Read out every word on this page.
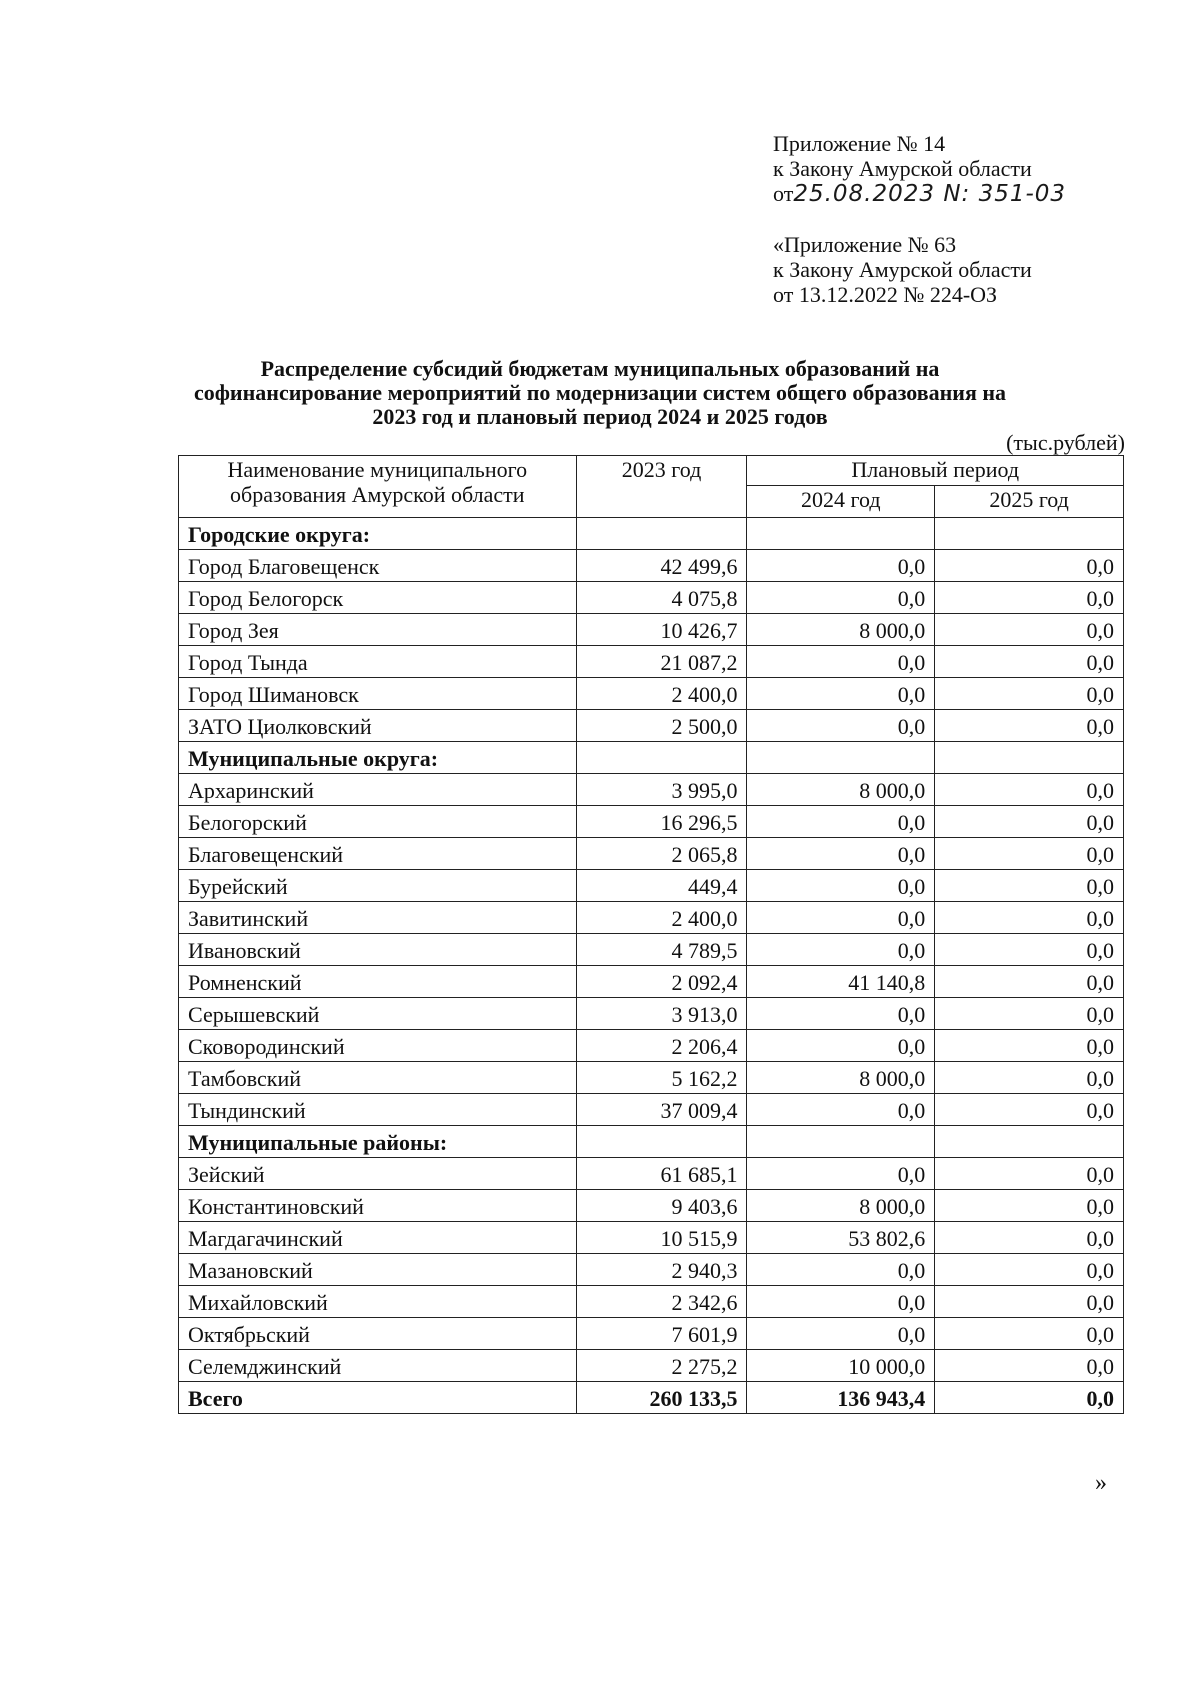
Приложение № 14
к Закону Амурской области
от25.08.2023 N: 351-03
«Приложение № 63
к Закону Амурской области
от 13.12.2022 № 224-ОЗ
Распределение субсидий бюджетам муниципальных образований на
софинансирование мероприятий по модернизации систем общего образования на
2023 год и плановый период 2024 и 2025 годов
(тыс.рублей)
Наименование муниципального
образования Амурской области	2023 год	Плановый период	
		2024 год	2025 год
Городские округа:			
Город Благовещенск	42 499,6	0,0	0,0
Город Белогорск	4 075,8	0,0	0,0
Город Зея	10 426,7	8 000,0	0,0
Город Тында	21 087,2	0,0	0,0
Город Шимановск	2 400,0	0,0	0,0
ЗАТО Циолковский	2 500,0	0,0	0,0
Муниципальные округа:			
Архаринский	3 995,0	8 000,0	0,0
Белогорский	16 296,5	0,0	0,0
Благовещенский	2 065,8	0,0	0,0
Бурейский	449,4	0,0	0,0
Завитинский	2 400,0	0,0	0,0
Ивановский	4 789,5	0,0	0,0
Ромненский	2 092,4	41 140,8	0,0
Серышевский	3 913,0	0,0	0,0
Сковородинский	2 206,4	0,0	0,0
Тамбовский	5 162,2	8 000,0	0,0
Тындинский	37 009,4	0,0	0,0
Муниципальные районы:			
Зейский	61 685,1	0,0	0,0
Константиновский	9 403,6	8 000,0	0,0
Магдагачинский	10 515,9	53 802,6	0,0
Мазановский	2 940,3	0,0	0,0
Михайловский	2 342,6	0,0	0,0
Октябрьский	7 601,9	0,0	0,0
Селемджинский	2 275,2	10 000,0	0,0
Всего	260 133,5	136 943,4	0,0
»
